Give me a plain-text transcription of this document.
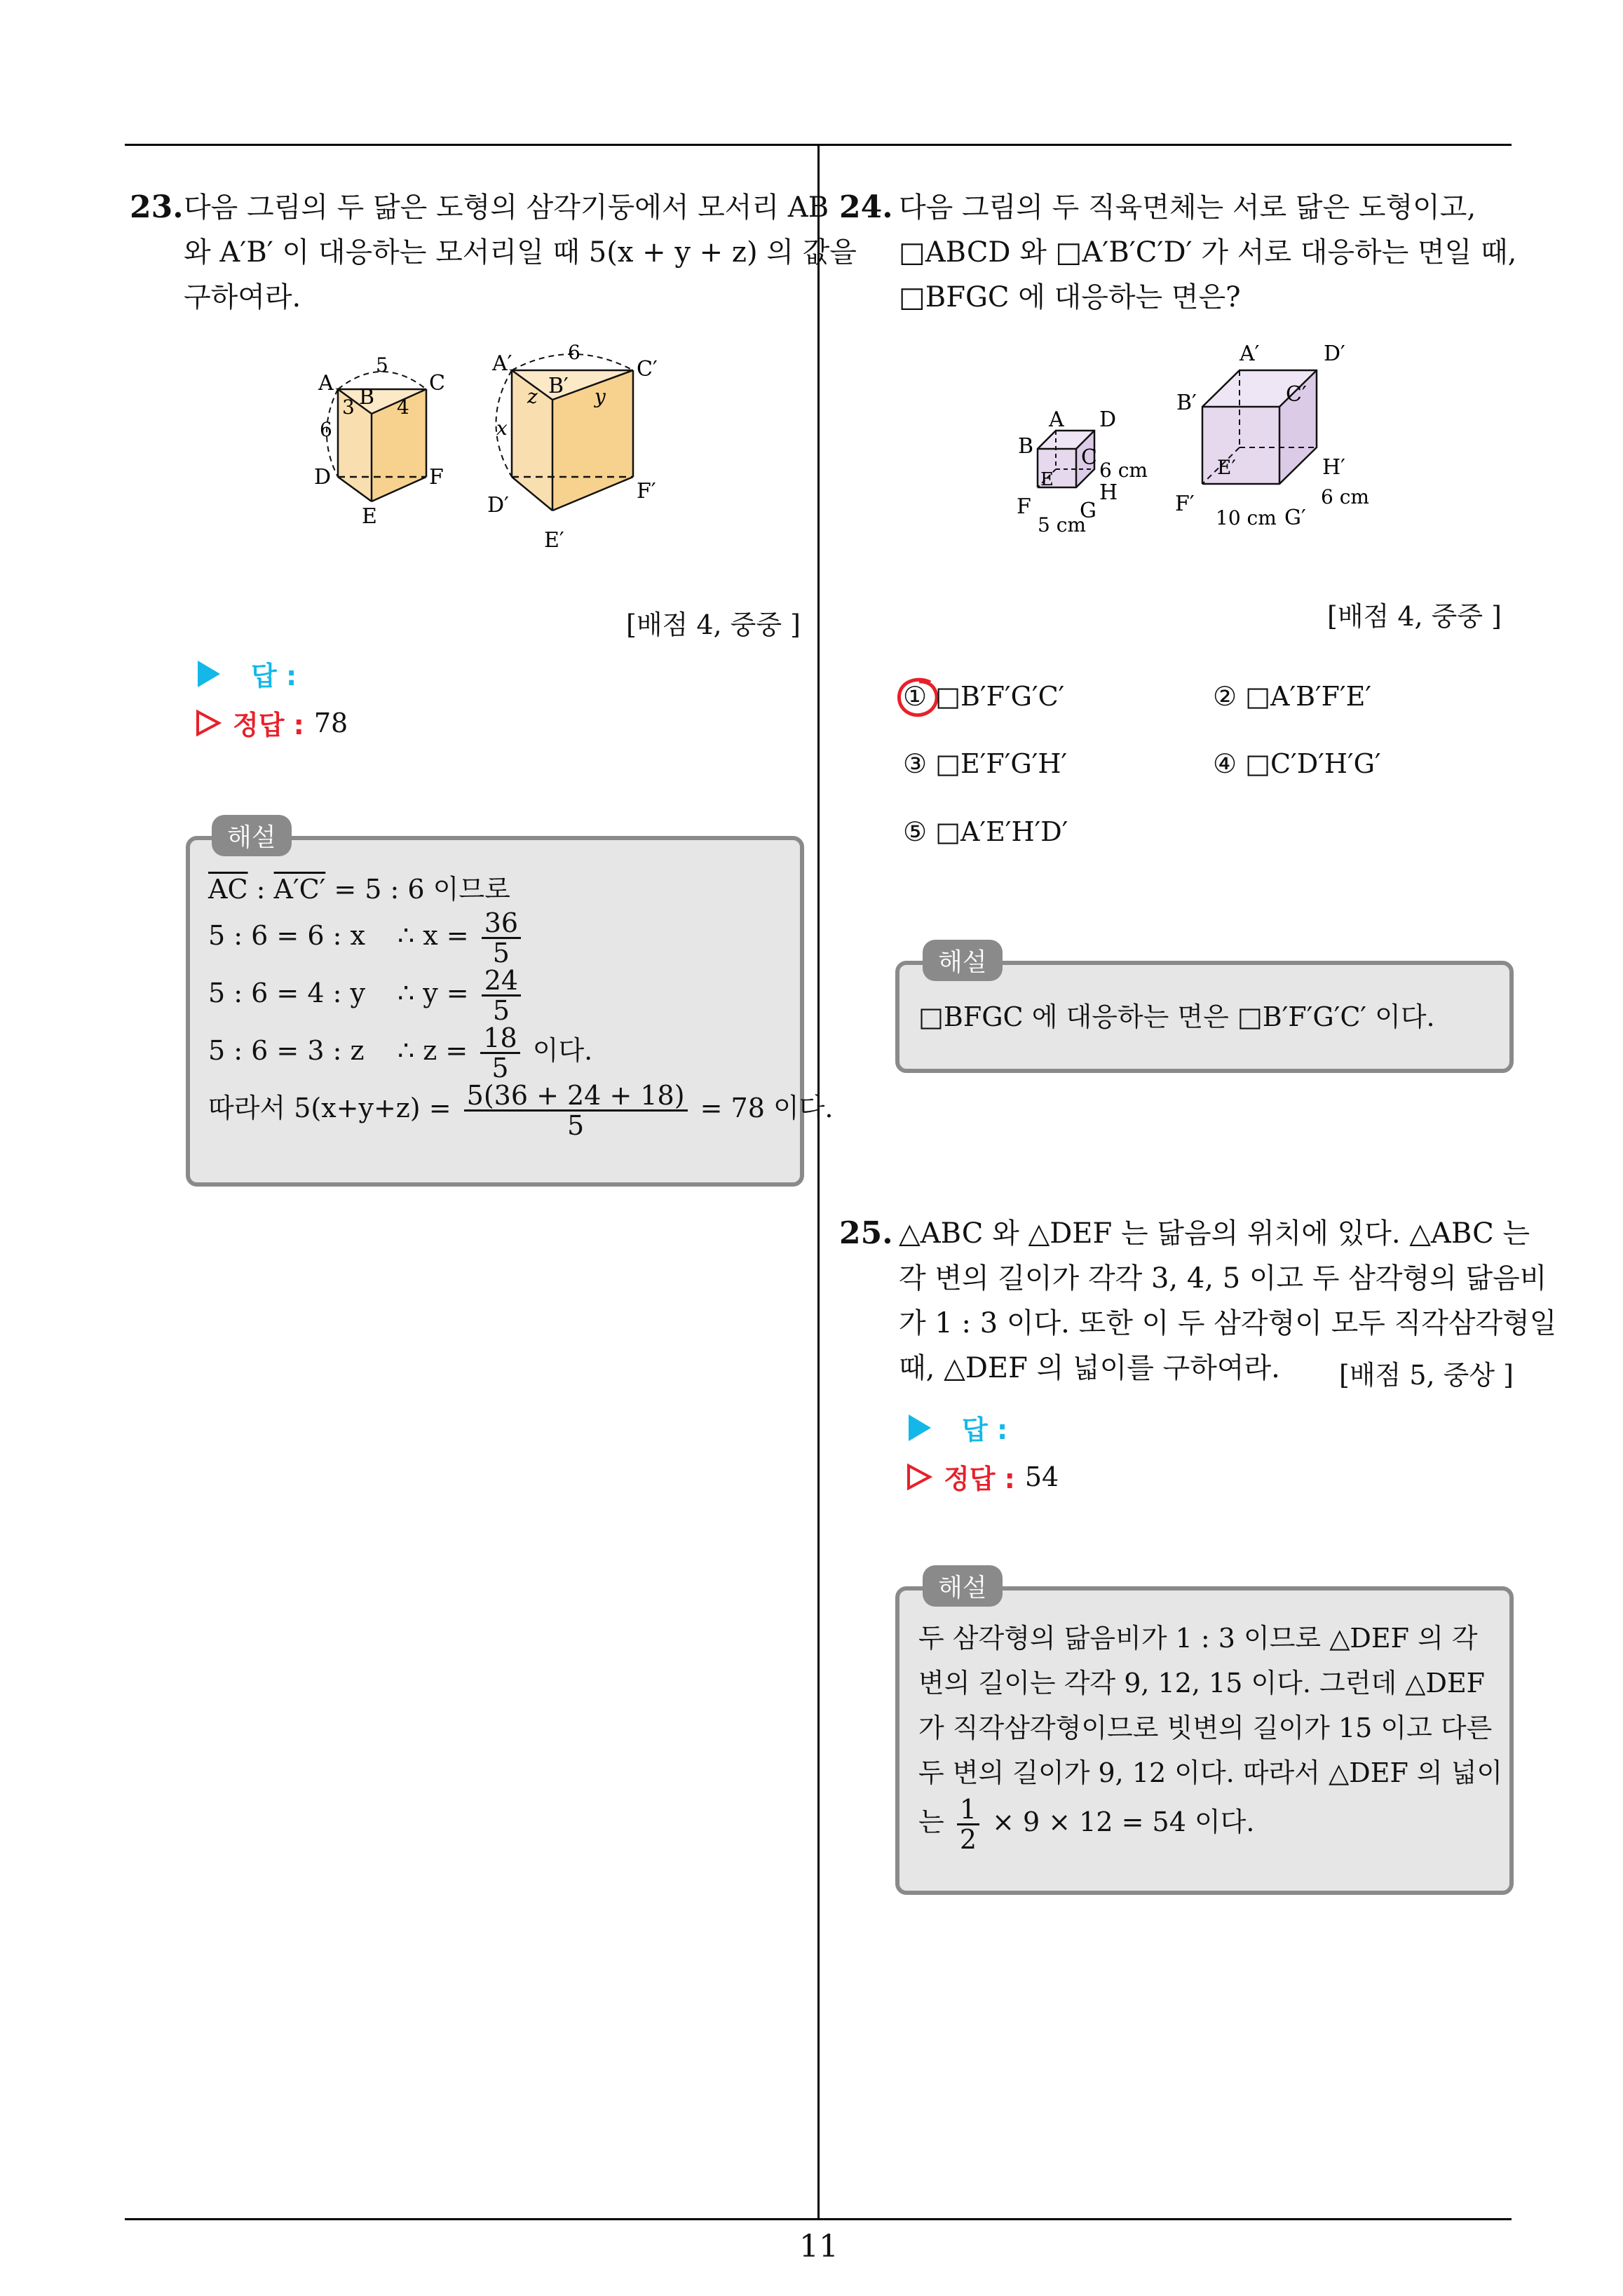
11
23. 다음 그림의 두 닮은 도형의 삼각기둥에서 모서리 AB
와 A′B′ 이 대응하는 모서리일 때 5(x + y + z) 의 값을
구하여라.
A
B
C
D
E
F
5
3 4
6
A′
B′
C′
D′
E′
F′
6
z	y
x
[배점 4, 중중 ]
답 :
정답 : 78
해설
$\overline{AC}$ : A′C′ = 5 : 6 이므로
5 : 6 = 6 : x ∴ $x = \frac{36}{5}$
5 : 6 = 4 : y ∴ $y = \frac{24}{5}$
5 : 6 = 3 : z ∴ $z = \frac{18}{5}$ 이다.
따라서 $5(x+y+z) = \frac{5(36 + 24 + 18)}{5} = 78$ 이다.
24. 다음 그림의 두 직육면체는 서로 닮은 도형이고,
□ABCD 와 □A′B′C′D′ 가 서로 대응하는 면일 때,
□BFGC 에 대응하는 면은?
A D
B C
E
H
F G
6 cm
5 cm
A′	D′
B′	C′
E′	H′
F′
G′
6 cm
10 cm
[배점 4, 중중 ]
① □B′F′G′C′	② □A′B′F′E′
③ □E′F′G′H′	④ □C′D′H′G′
⑤ □A′E′H′D′
해설
□BFGC 에 대응하는 면은 □B′F′G′C′ 이다.
25. △ABC 와 △DEF 는 닮음의 위치에 있다. △ABC 는
각 변의 길이가 각각 3, 4, 5 이고 두 삼각형의 닮음비
가 1 : 3 이다. 또한 이 두 삼각형이 모두 직각삼각형일
때, △DEF 의 넓이를 구하여라.	[배점 5, 중상 ]
답 :
정답 : 54
해설
두 삼각형의 닮음비가 1 : 3 이므로 △DEF 의 각
변의 길이는 각각 9, 12, 15 이다. 그런데 △DEF
가 직각삼각형이므로 빗변의 길이가 15 이고 다른
두 변의 길이가 9, 12 이다. 따라서 △DEF 의 넓이
는 $\frac{1}{2} \times 9 \times 12 = 54$ 이다.
